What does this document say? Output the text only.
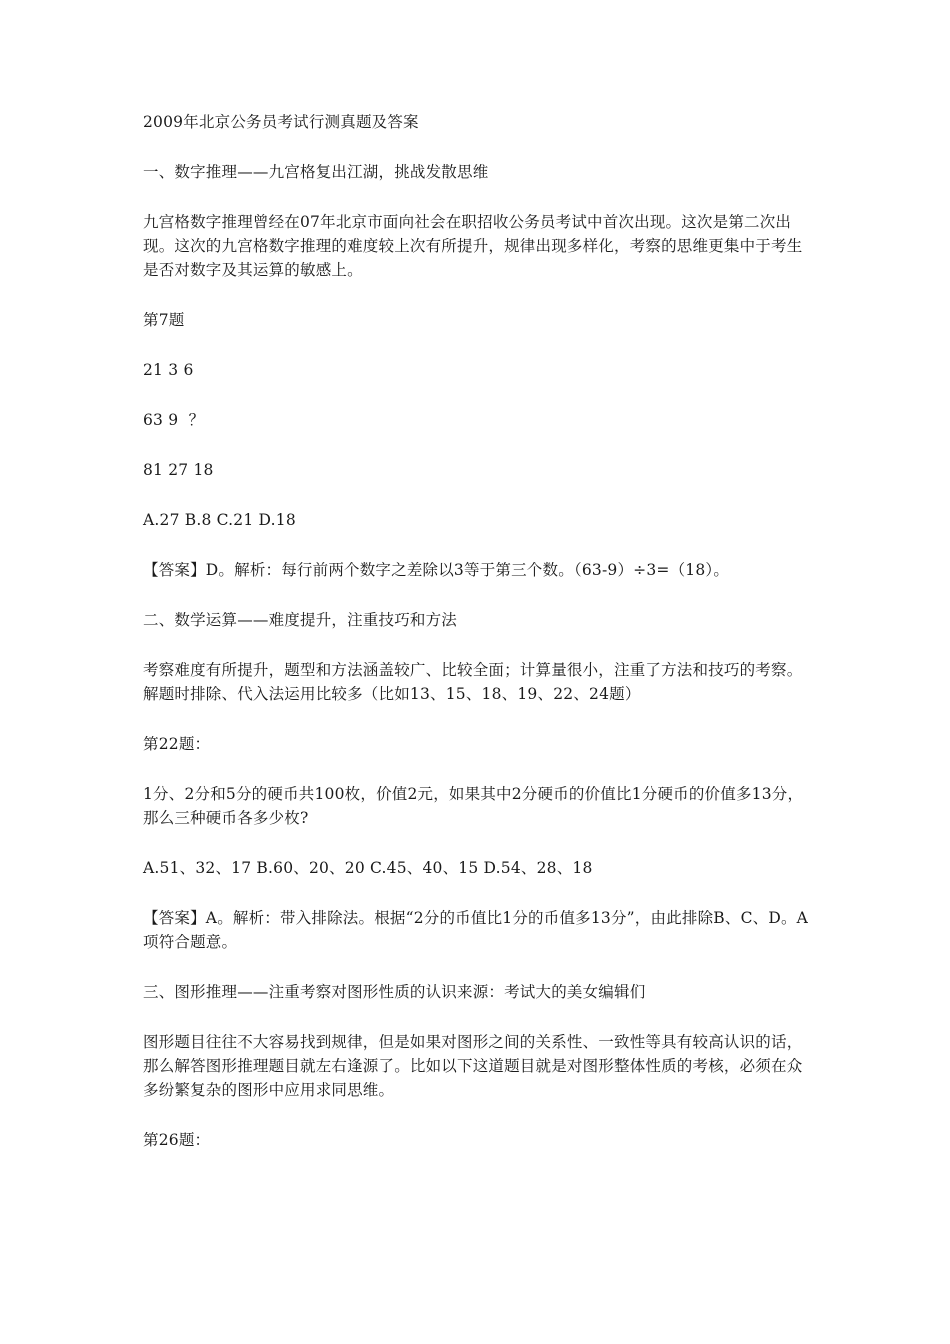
2009年北京公务员考试行测真题及答案

一、数字推理——九宫格复出江湖，挑战发散思维

九宫格数字推理曾经在07年北京市面向社会在职招收公务员考试中首次出现。这次是第二次出现。这次的九宫格数字推理的难度较上次有所提升，规律出现多样化，考察的思维更集中于考生是否对数字及其运算的敏感上。

第7题

21 3 6

63 9  ？

81 27 18

A.27 B.8 C.21 D.18

【答案】D。解析：每行前两个数字之差除以3等于第三个数。（63-9）÷3=（18）。

二、数学运算——难度提升，注重技巧和方法

考察难度有所提升，题型和方法涵盖较广、比较全面；计算量很小，注重了方法和技巧的考察。解题时排除、代入法运用比较多（比如13、15、18、19、22、24题）

第22题：

1分、2分和5分的硬币共100枚，价值2元，如果其中2分硬币的价值比1分硬币的价值多13分，那么三种硬币各多少枚?

A.51、32、17 B.60、20、20 C.45、40、15 D.54、28、18

【答案】A。解析：带入排除法。根据“2分的币值比1分的币值多13分”，由此排除B、C、D。A项符合题意。

三、图形推理——注重考察对图形性质的认识来源：考试大的美女编辑们

图形题目往往不大容易找到规律，但是如果对图形之间的关系性、一致性等具有较高认识的话，那么解答图形推理题目就左右逢源了。比如以下这道题目就是对图形整体性质的考核，必须在众多纷繁复杂的图形中应用求同思维。

第26题：
